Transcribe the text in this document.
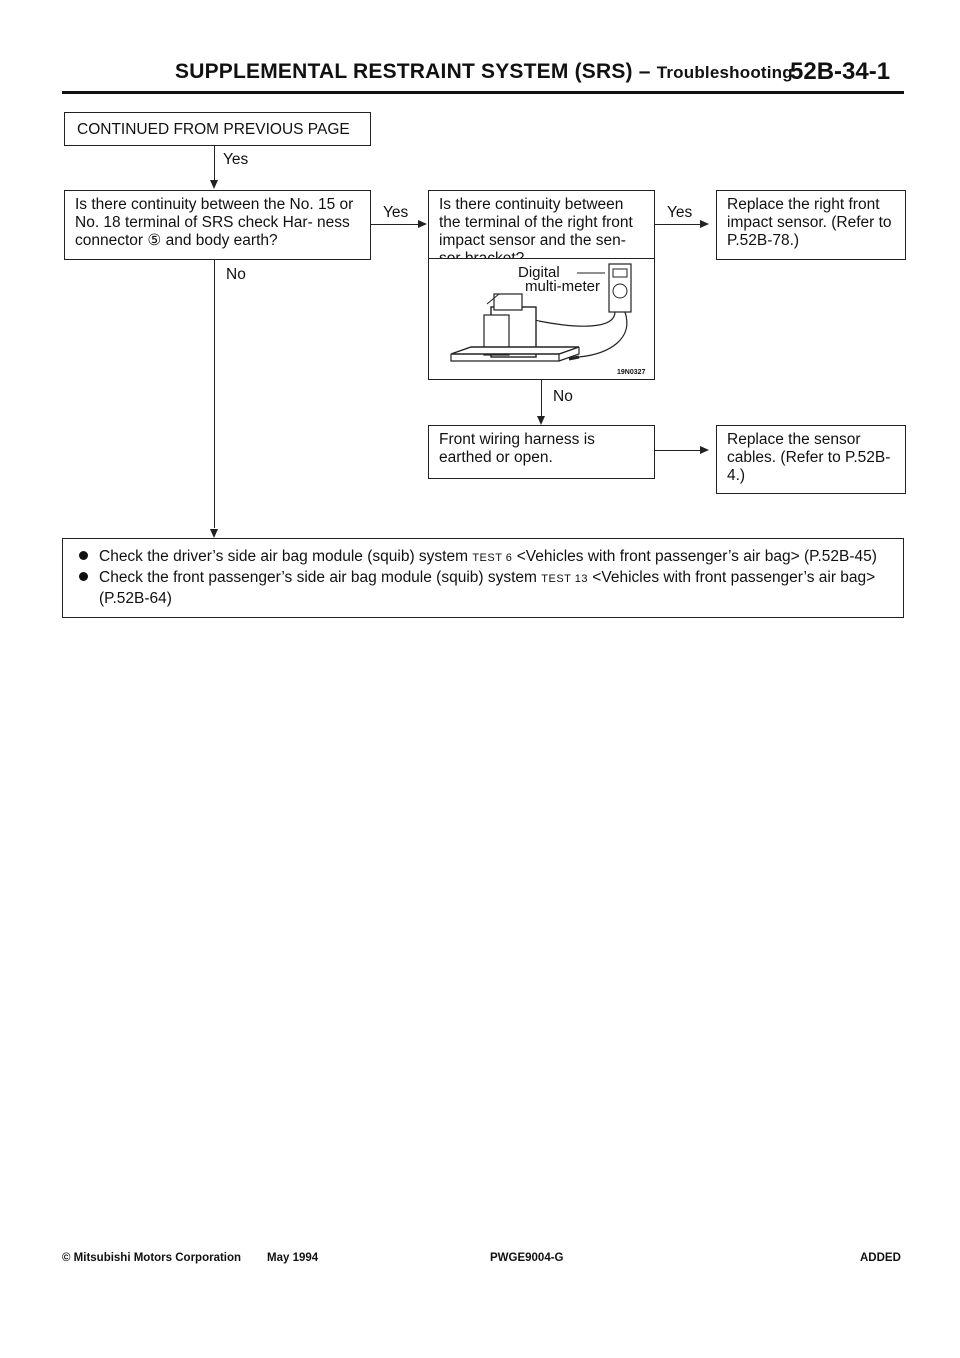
SUPPLEMENTAL RESTRAINT SYSTEM (SRS) – Troubleshooting
52B-34-1
CONTINUED FROM PREVIOUS PAGE
Yes
Is there continuity between the No. 15 or No. 18 terminal of SRS check Har- ness connector ⑤ and body earth?
Yes
No
Is there continuity between the terminal of the right front impact sensor and the sen-
Digital
multi-meter
19N0327
Yes	Replace the right front impact sensor. (Refer to P.52B-78.)
No
Front wiring harness is earthed or open.
Replace the sensor cables. (Refer to P.52B-4.)
Check the driver’s side air bag module (squib) system TEST 6 <Vehicles with front passenger’s air bag> (P.52B-45)
Check the front passenger’s side air bag module (squib) system TEST 13 <Vehicles with front passenger’s air bag> (P.52B-64)
© Mitsubishi Motors Corporation May 1994	PWGE9004-G	ADDED
